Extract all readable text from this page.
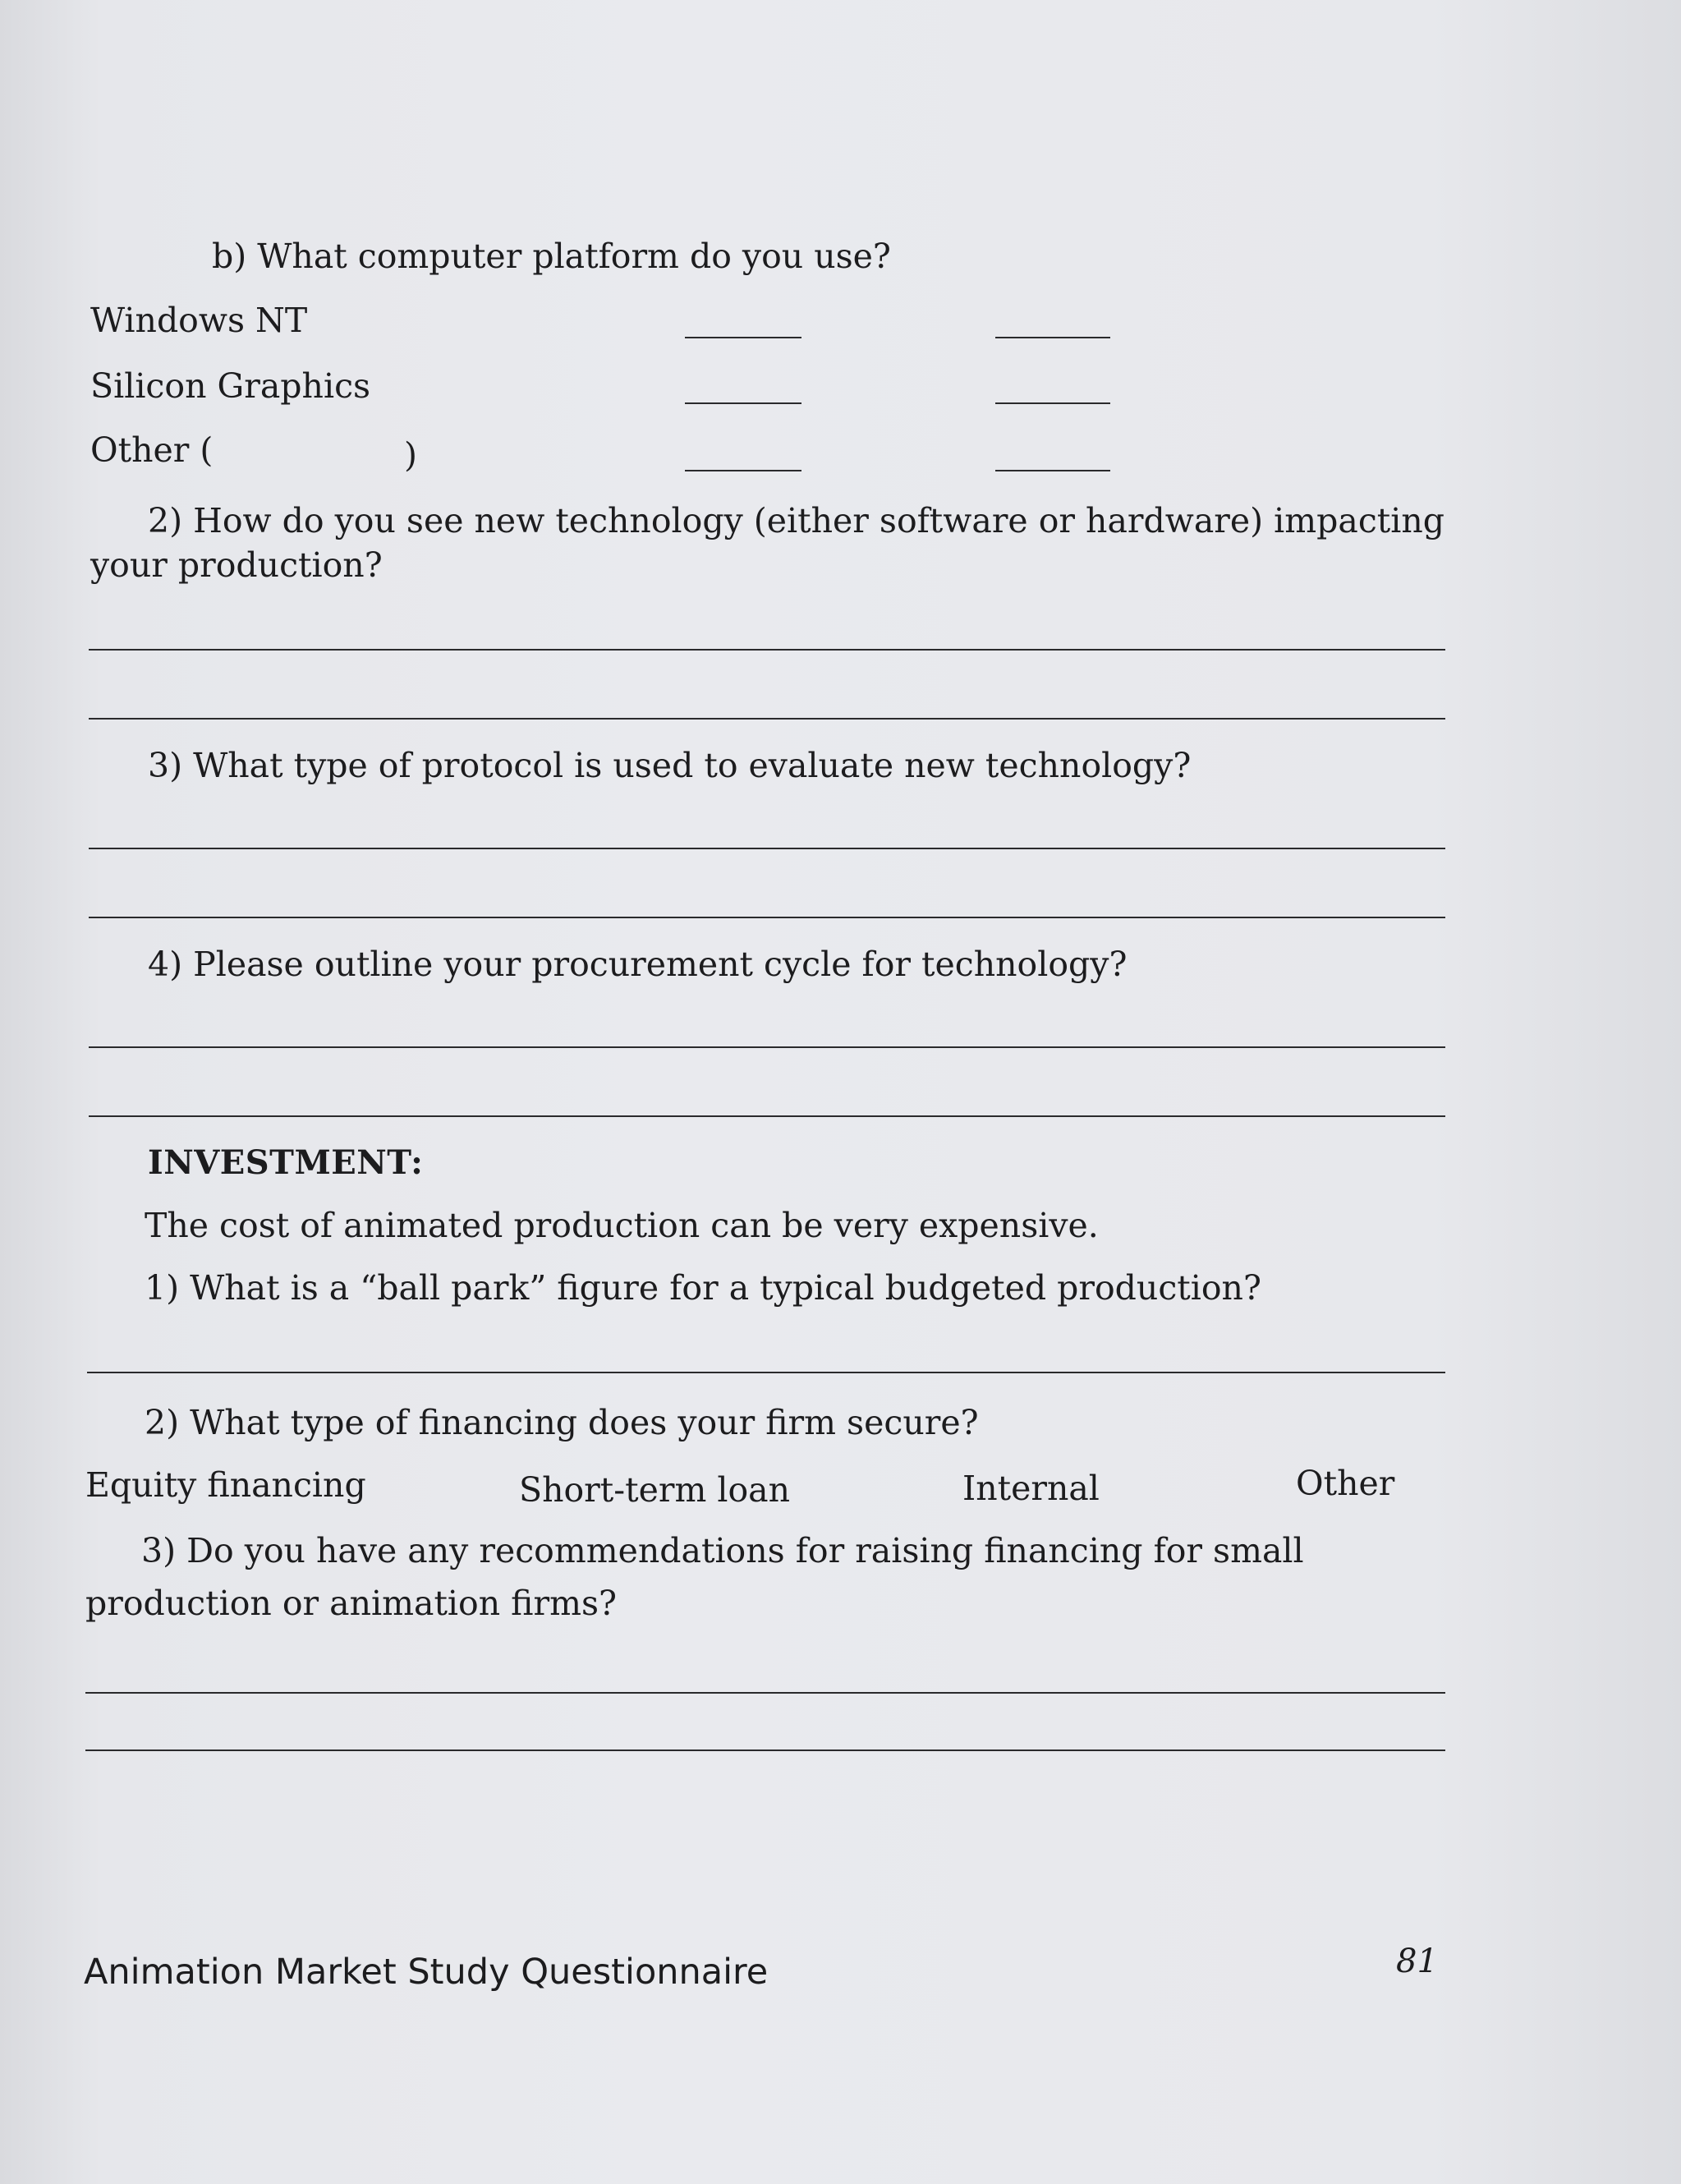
b) What computer platform do you use?
Windows NT
Silicon Graphics
Other (	)
2) How do you see new technology (either software or hardware) impacting
your production?
3) What type of protocol is used to evaluate new technology?
4) Please outline your procurement cycle for technology?
INVESTMENT:
The cost of animated production can be very expensive.
1) What is a “ball park” figure for a typical budgeted production?
2) What type of financing does your firm secure?
Equity financing	Short-term loan	Internal	Other
3) Do you have any recommendations for raising financing for small
production or animation firms?
Animation Market Study Questionnaire	81
